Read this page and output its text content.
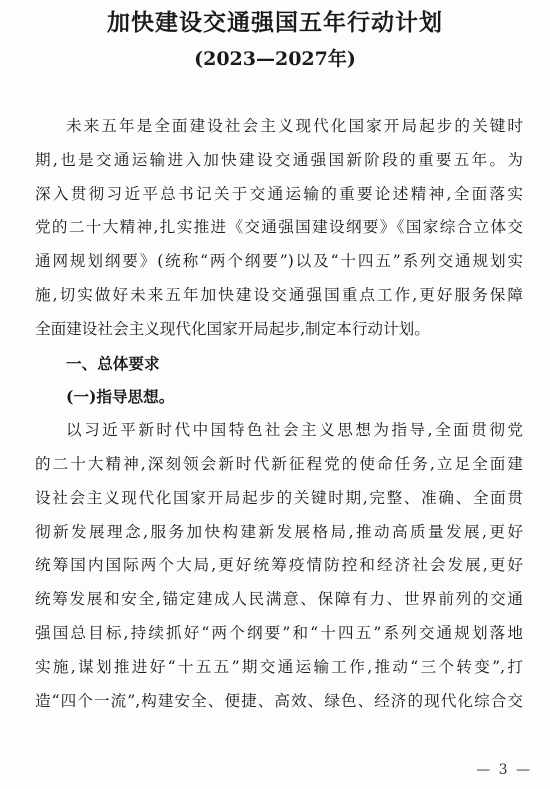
加快建设交通强国五年行动计划
(2023—2027年)
未来五年是全面建设社会主义现代化国家开局起步的关键时
期,也是交通运输进入加快建设交通强国新阶段的重要五年。为
深入贯彻习近平总书记关于交通运输的重要论述精神,全面落实
党的二十大精神,扎实推进《交通强国建设纲要》《国家综合立体交
通网规划纲要》(统称“两个纲要”)以及“十四五”系列交通规划实
施,切实做好未来五年加快建设交通强国重点工作,更好服务保障
全面建设社会主义现代化国家开局起步,制定本行动计划。
一、总体要求
(一)指导思想。
以习近平新时代中国特色社会主义思想为指导,全面贯彻党
的二十大精神,深刻领会新时代新征程党的使命任务,立足全面建
设社会主义现代化国家开局起步的关键时期,完整、准确、全面贯
彻新发展理念,服务加快构建新发展格局,推动高质量发展,更好
统筹国内国际两个大局,更好统筹疫情防控和经济社会发展,更好
统筹发展和安全,锚定建成人民满意、保障有力、世界前列的交通
强国总目标,持续抓好“两个纲要”和“十四五”系列交通规划落地
实施,谋划推进好“十五五”期交通运输工作,推动“三个转变”,打
造“四个一流”,构建安全、便捷、高效、绿色、经济的现代化综合交
— 3 —
